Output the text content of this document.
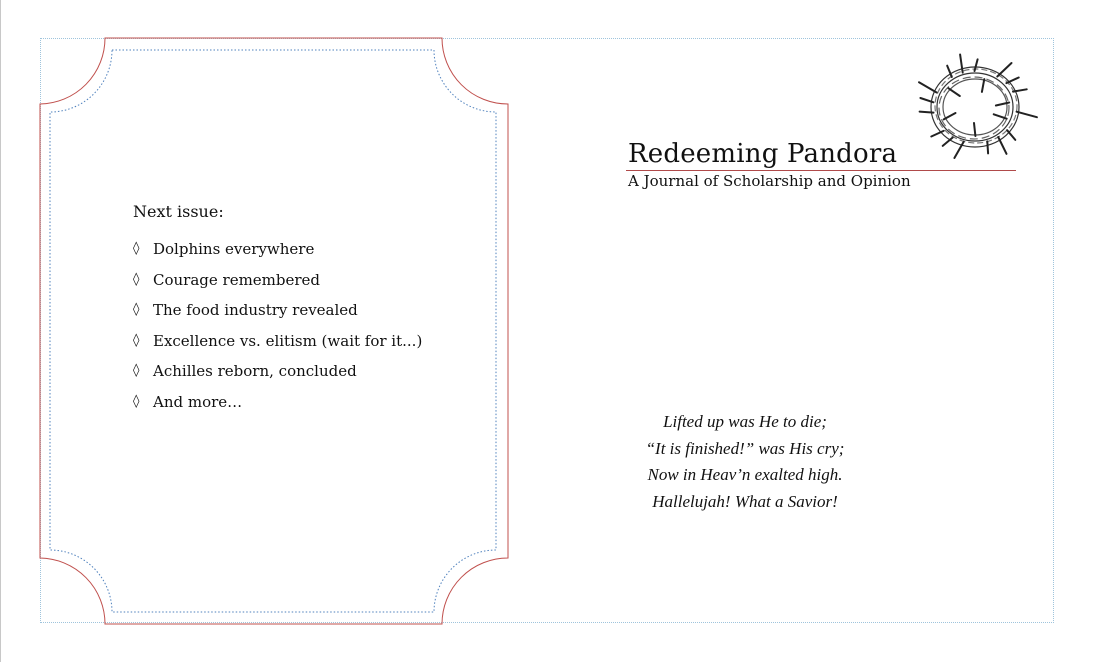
Next issue:
◊ Dolphins everywhere
◊ Courage remembered
◊ The food industry revealed
◊ Excellence vs. elitism (wait for it...)
◊ Achilles reborn, concluded
◊ And more…
Redeeming Pandora
A Journal of Scholarship and Opinion
Lifted up was He to die;
“It is finished!” was His cry;
Now in Heav’n exalted high.
Hallelujah! What a Savior!
